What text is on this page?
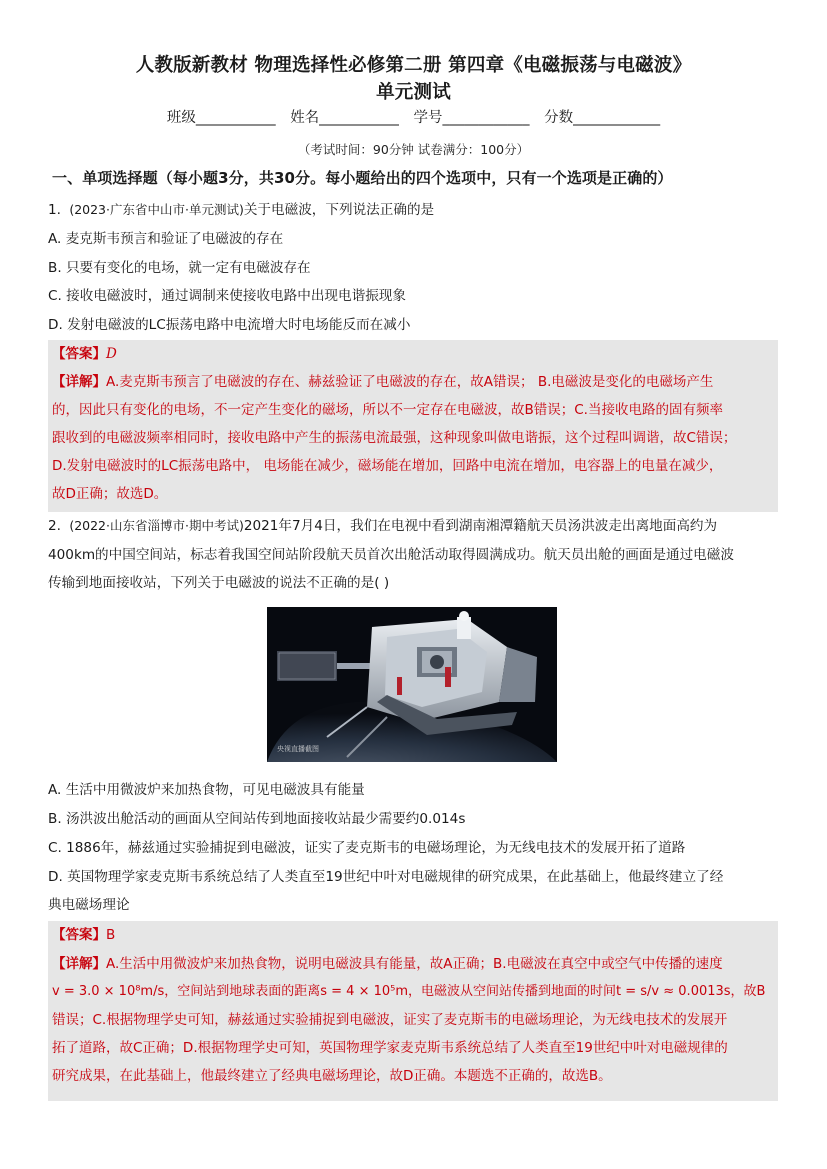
人教版新教材 物理选择性必修第二册 第四章《电磁振荡与电磁波》
单元测试
班级___________ 姓名___________ 学号____________ 分数____________
（考试时间：90分钟 试卷满分：100分）
一、单项选择题（每小题3分，共30分。每小题给出的四个选项中，只有一个选项是正确的）
1. (2023·广东省中山市·单元测试)关于电磁波，下列说法正确的是
A. 麦克斯韦预言和验证了电磁波的存在
B. 只要有变化的电场，就一定有电磁波存在
C. 接收电磁波时，通过调制来使接收电路中出现电谐振现象
D. 发射电磁波的LC振荡电路中电流增大时电场能反而在减小
【答案】D
【详解】A.麦克斯韦预言了电磁波的存在、赫兹验证了电磁波的存在，故A错误； B.电磁波是变化的电磁场产生
的，因此只有变化的电场，不一定产生变化的磁场，所以不一定存在电磁波，故B错误；C.当接收电路的固有频率
跟收到的电磁波频率相同时，接收电路中产生的振荡电流最强，这种现象叫做电谐振，这个过程叫调谐，故C错误；
D.发射电磁波时的LC振荡电路中， 电场能在减少，磁场能在增加，回路中电流在增加，电容器上的电量在减少，
故D正确；故选D。
2. (2022·山东省淄博市·期中考试)2021年7月4日，我们在电视中看到湖南湘潭籍航天员汤洪波走出离地面高约为
400km的中国空间站，标志着我国空间站阶段航天员首次出舱活动取得圆满成功。航天员出舱的画面是通过电磁波
传输到地面接收站，下列关于电磁波的说法不正确的是( )
央视直播截图
A. 生活中用微波炉来加热食物，可见电磁波具有能量
B. 汤洪波出舱活动的画面从空间站传到地面接收站最少需要约0.014s
C. 1886年，赫兹通过实验捕捉到电磁波，证实了麦克斯韦的电磁场理论，为无线电技术的发展开拓了道路
D. 英国物理学家麦克斯韦系统总结了人类直至19世纪中叶对电磁规律的研究成果，在此基础上，他最终建立了经
典电磁场理论
【答案】B
【详解】A.生活中用微波炉来加热食物，说明电磁波具有能量，故A正确；B.电磁波在真空中或空气中传播的速度
v = 3.0 × 10⁸m/s，空间站到地球表面的距离s = 4 × 10⁵m，电磁波从空间站传播到地面的时间t = s/v ≈ 0.0013s，故B
错误；C.根据物理学史可知，赫兹通过实验捕捉到电磁波，证实了麦克斯韦的电磁场理论，为无线电技术的发展开
拓了道路，故C正确；D.根据物理学史可知，英国物理学家麦克斯韦系统总结了人类直至19世纪中叶对电磁规律的
研究成果，在此基础上，他最终建立了经典电磁场理论，故D正确。本题选不正确的，故选B。
